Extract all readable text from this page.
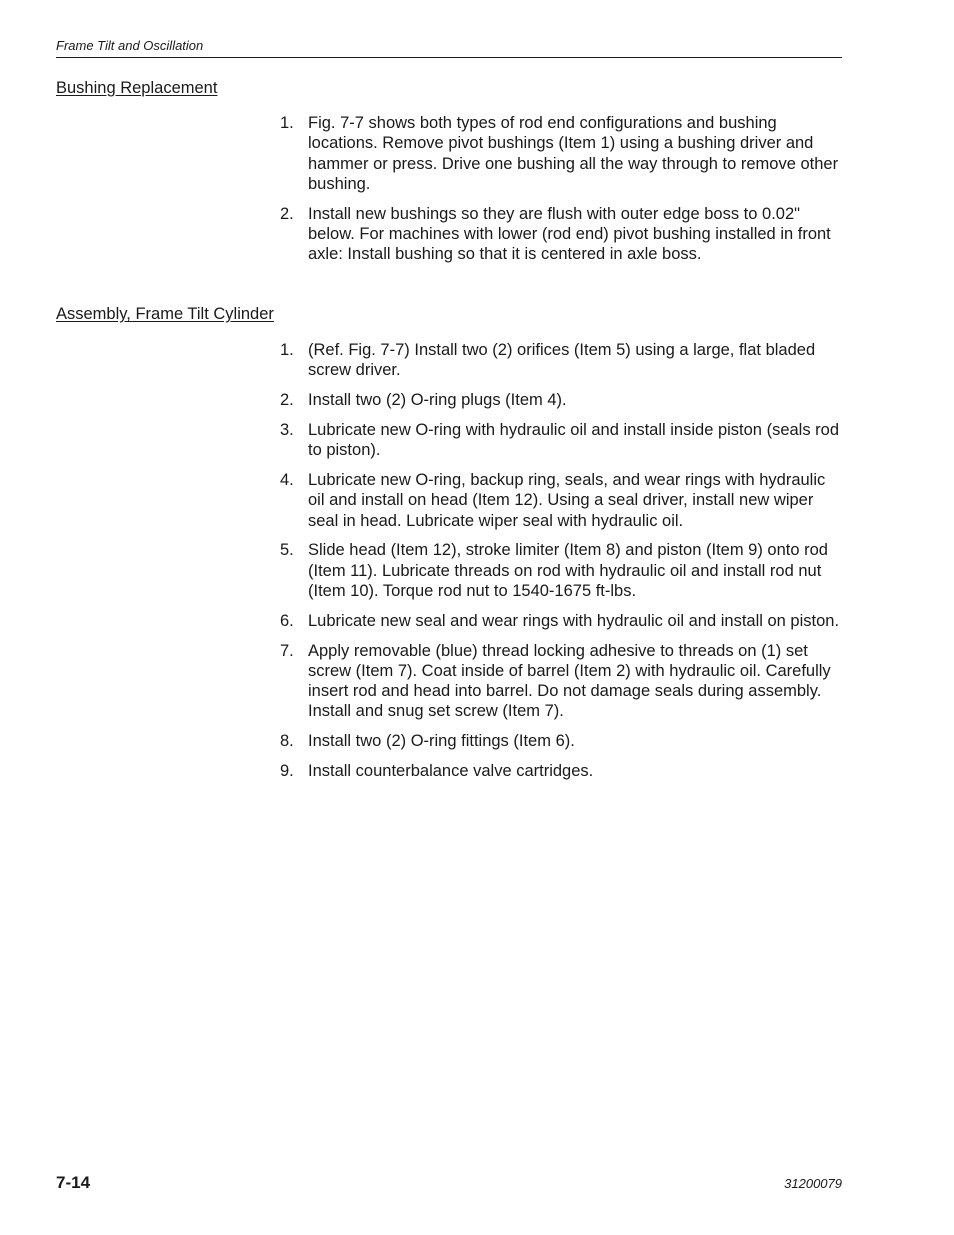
Frame Tilt and Oscillation
Bushing Replacement
1. Fig. 7-7 shows both types of rod end configurations and bushing locations. Remove pivot bushings (Item 1) using a bushing driver and hammer or press. Drive one bushing all the way through to remove other bushing.
2. Install new bushings so they are flush with outer edge boss to 0.02" below. For machines with lower (rod end) pivot bushing installed in front axle: Install bushing so that it is centered in axle boss.
Assembly, Frame Tilt Cylinder
1. (Ref. Fig. 7-7) Install two (2) orifices (Item 5) using a large, flat bladed screw driver.
2. Install two (2) O-ring plugs (Item 4).
3. Lubricate new O-ring with hydraulic oil and install inside piston (seals rod to piston).
4. Lubricate new O-ring, backup ring, seals, and wear rings with hydraulic oil and install on head (Item 12). Using a seal driver, install new wiper seal in head. Lubricate wiper seal with hydraulic oil.
5. Slide head (Item 12), stroke limiter (Item 8) and piston (Item 9) onto rod (Item 11). Lubricate threads on rod with hydraulic oil and install rod nut (Item 10). Torque rod nut to 1540-1675 ft-lbs.
6. Lubricate new seal and wear rings with hydraulic oil and install on piston.
7. Apply removable (blue) thread locking adhesive to threads on (1) set screw (Item 7). Coat inside of barrel (Item 2) with hydraulic oil. Carefully insert rod and head into barrel. Do not damage seals during assembly. Install and snug set screw (Item 7).
8. Install two (2) O-ring fittings (Item 6).
9. Install counterbalance valve cartridges.
7-14	31200079
